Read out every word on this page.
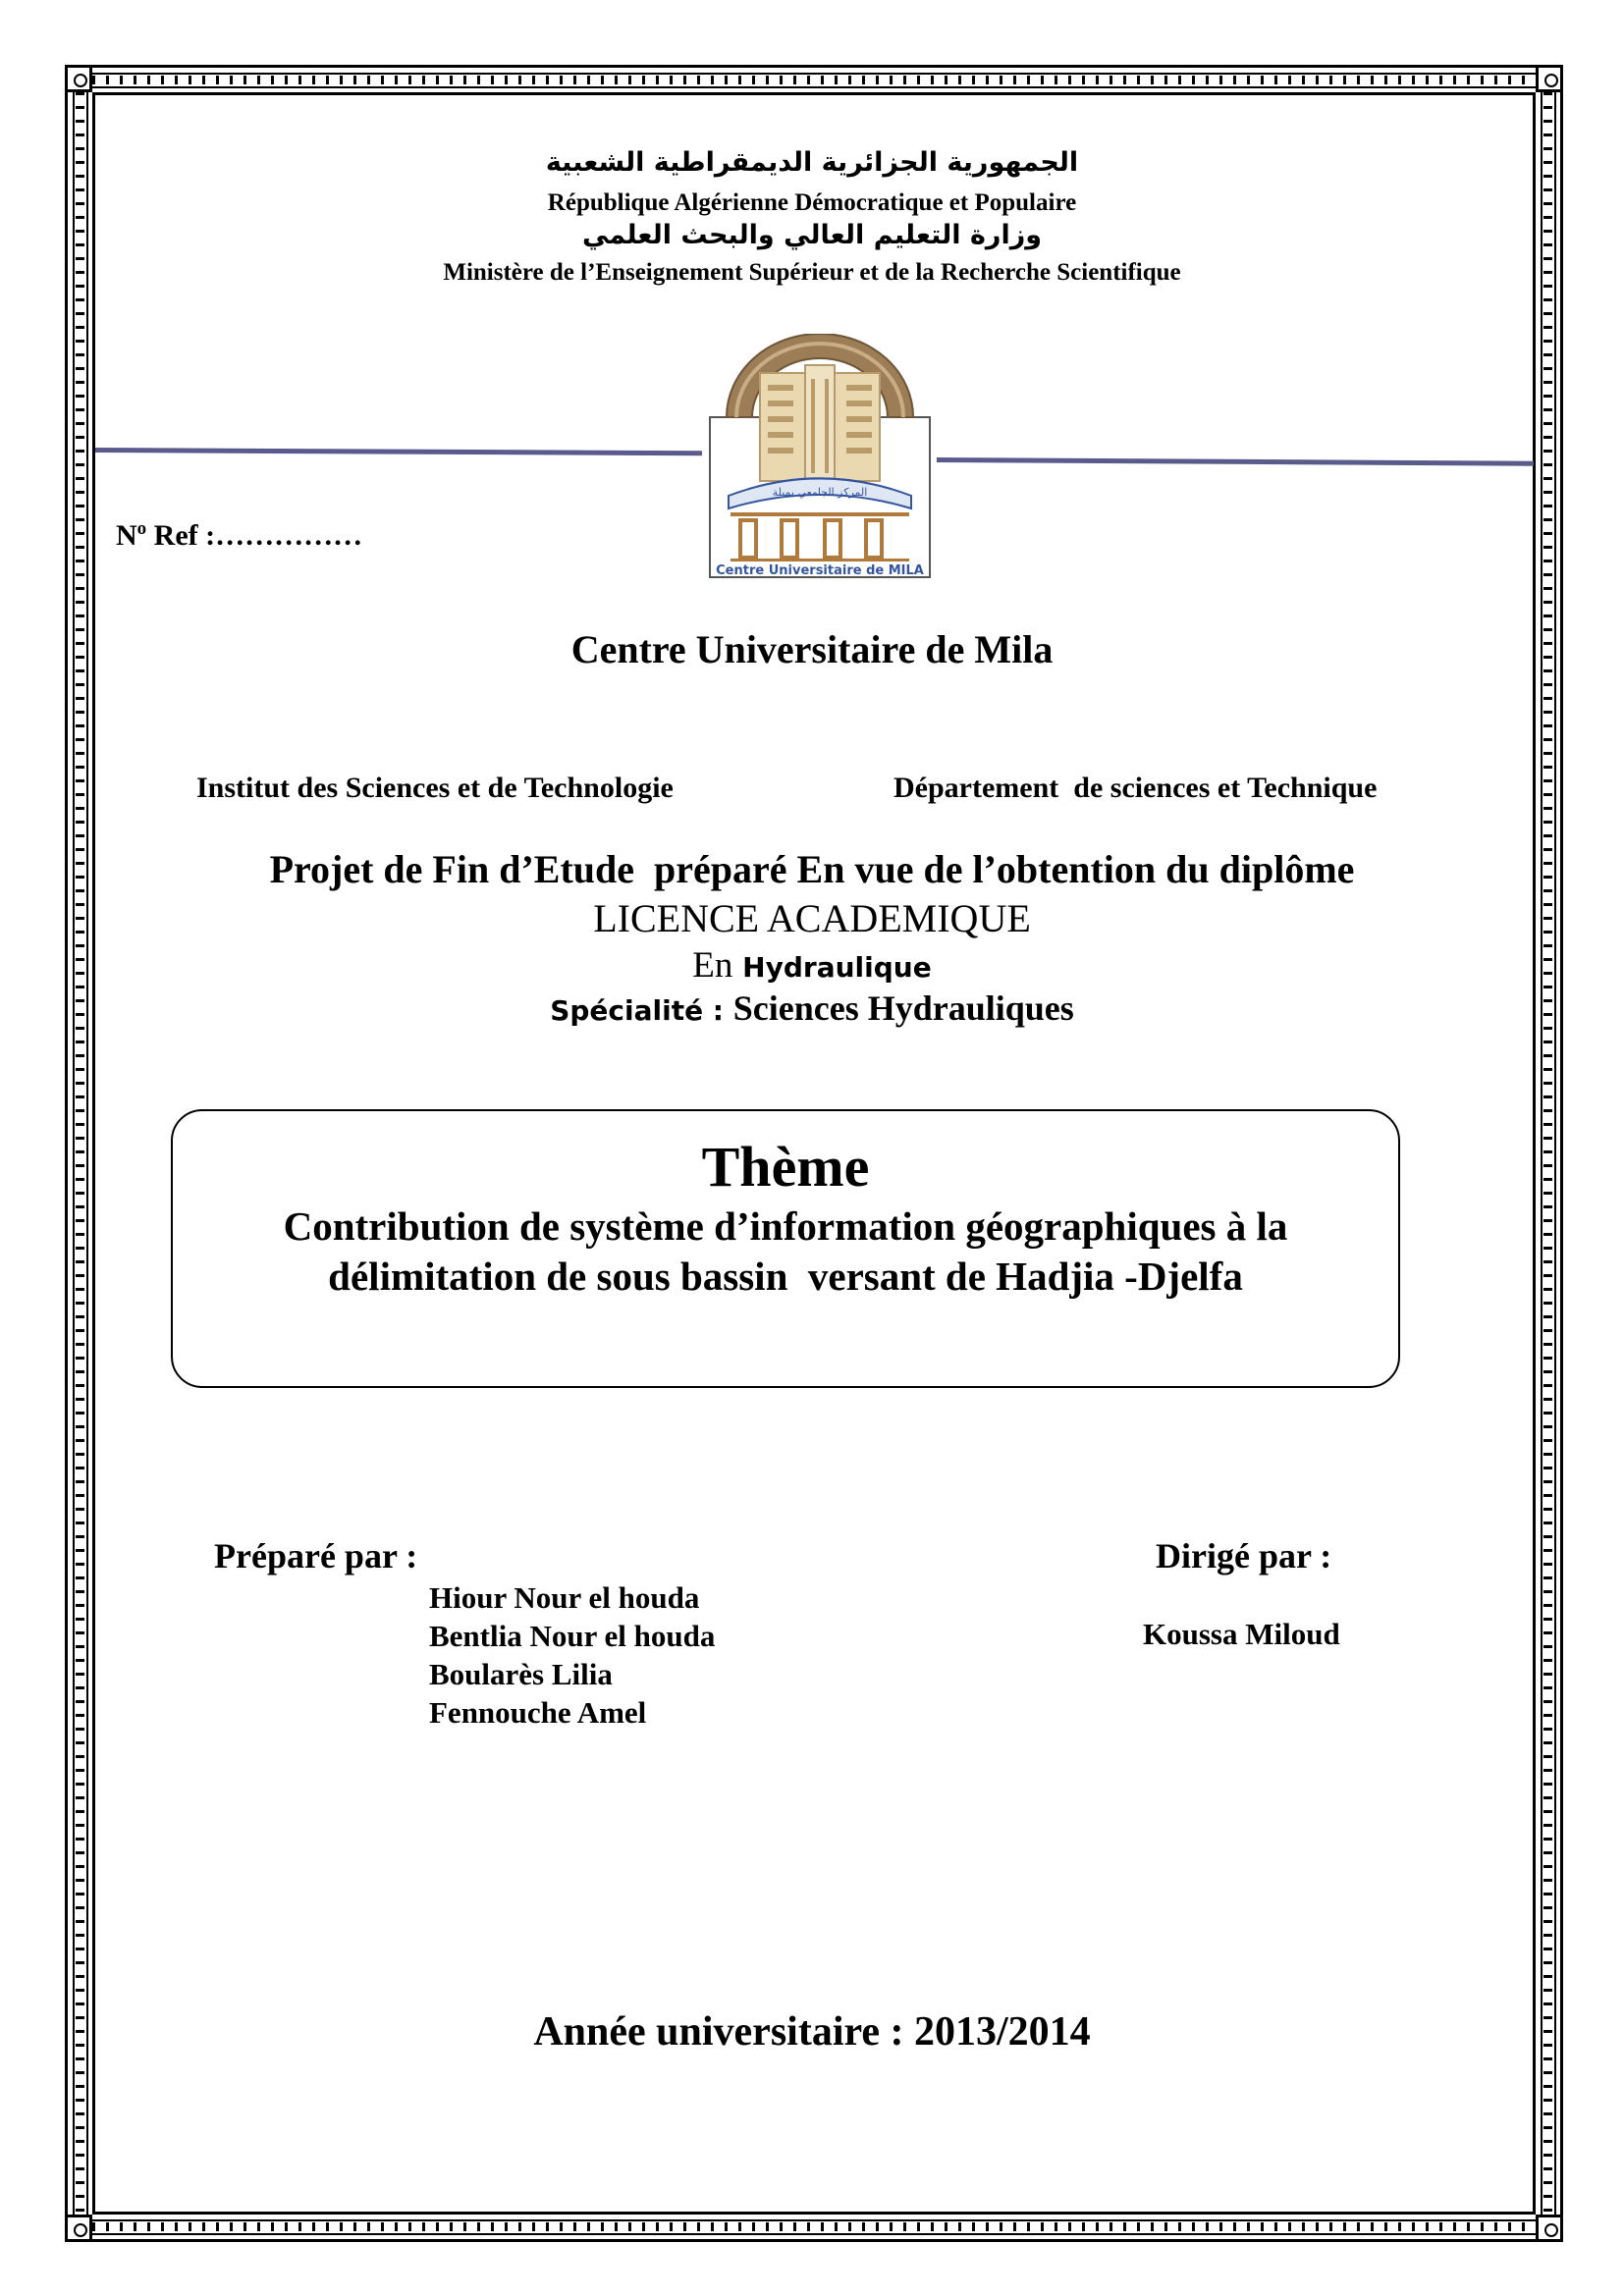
الجمهورية الجزائرية الديمقراطية الشعبية
République Algérienne Démocratique et Populaire
وزارة التعليم العالي والبحث العلمي
Ministère de l’Enseignement Supérieur et de la Recherche Scientifique
المركز الجامعي بميلة
Centre Universitaire de MILA
$N^o$ Ref :……………
Centre Universitaire de Mila
Institut des Sciences et de Technologie	Département  de sciences et Technique
Projet de Fin d’Etude  préparé En vue de l’obtention du diplôme
LICENCE ACADEMIQUE
En Hydraulique
Spécialité : Sciences Hydrauliques
Thème
Contribution de système d’information géographiques à la
délimitation de sous bassin  versant de Hadjia -Djelfa
Préparé par :
Hiour Nour el houda
Bentlia Nour el houda
Boularès Lilia
Fennouche Amel
Dirigé par :
Koussa Miloud
Année universitaire : 2013/2014
